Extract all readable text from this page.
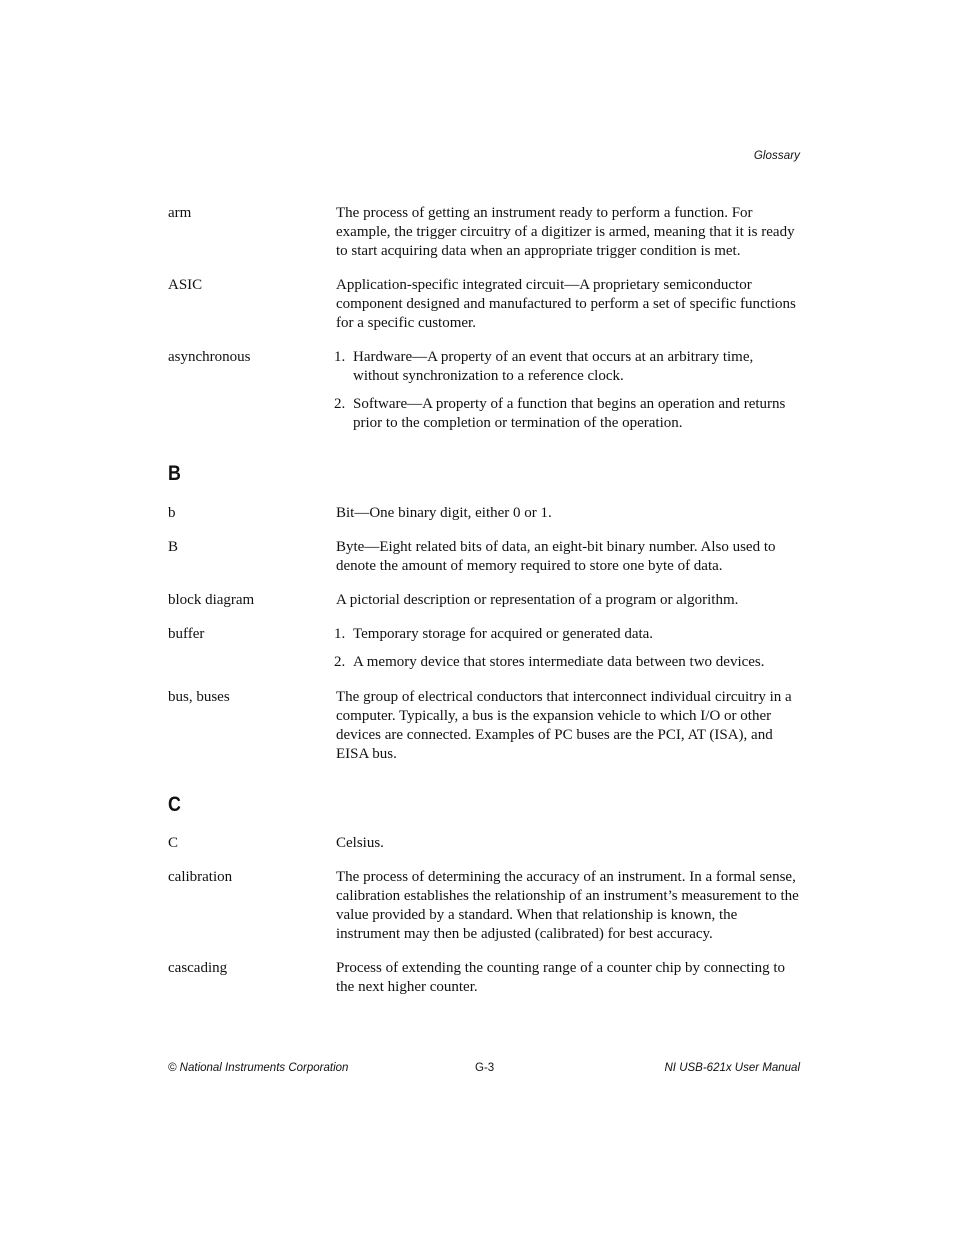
Glossary
arm	The process of getting an instrument ready to perform a function. For example, the trigger circuitry of a digitizer is armed, meaning that it is ready to start acquiring data when an appropriate trigger condition is met.

ASIC	Application-specific integrated circuit—A proprietary semiconductor component designed and manufactured to perform a set of specific functions for a specific customer.

asynchronous	1. Hardware—A property of an event that occurs at an arbitrary time, without synchronization to a reference clock.
2. Software—A property of a function that begins an operation and returns prior to the completion or termination of the operation.
B
b	Bit—One binary digit, either 0 or 1.

B	Byte—Eight related bits of data, an eight-bit binary number. Also used to denote the amount of memory required to store one byte of data.

block diagram	A pictorial description or representation of a program or algorithm.

buffer	1. Temporary storage for acquired or generated data.
2. A memory device that stores intermediate data between two devices.
bus, buses	The group of electrical conductors that interconnect individual circuitry in a computer. Typically, a bus is the expansion vehicle to which I/O or other devices are connected. Examples of PC buses are the PCI, AT (ISA), and EISA bus.

C
C	Celsius.

calibration	The process of determining the accuracy of an instrument. In a formal sense, calibration establishes the relationship of an instrument’s measurement to the value provided by a standard. When that relationship is known, the instrument may then be adjusted (calibrated) for best accuracy.

cascading	Process of extending the counting range of a counter chip by connecting to the next higher counter.

© National Instruments Corporation	G-3	NI USB-621x User Manual
